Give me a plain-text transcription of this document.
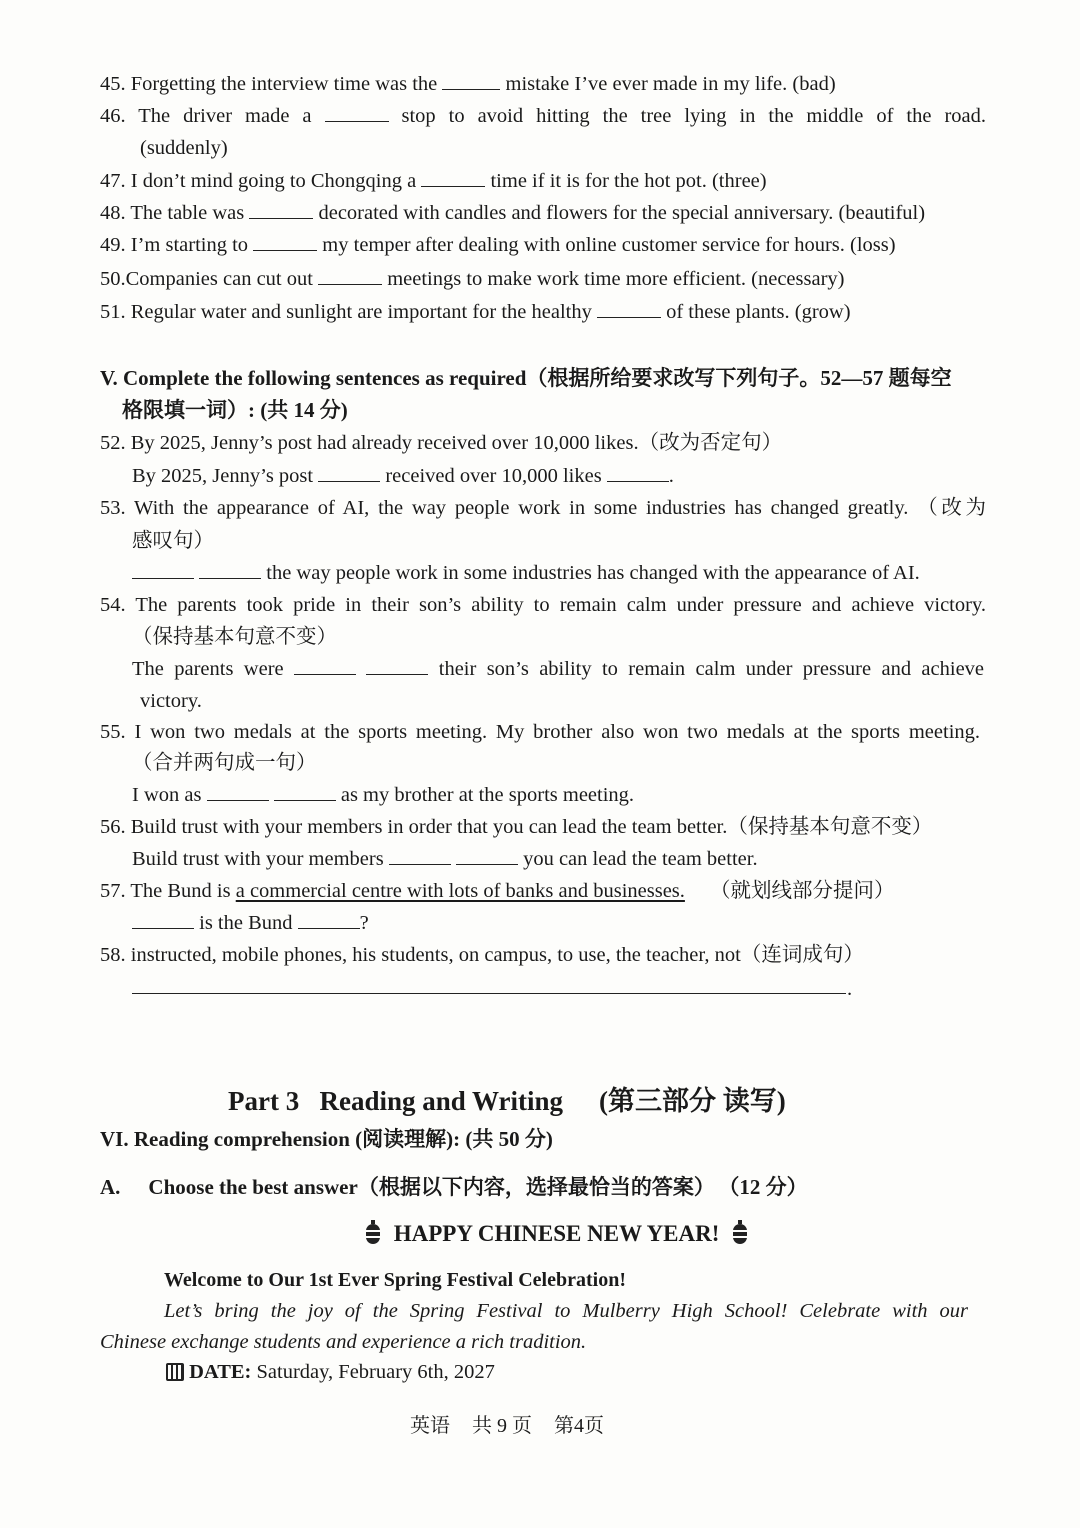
45. Forgetting the interview time was the	mistake I’ve ever made in my life. (bad)
46. The driver made a	stop to avoid hitting the tree lying in the middle of the road.
(suddenly)
47. I don’t mind going to Chongqing a	time if it is for the hot pot. (three)
48. The table was	decorated with candles and flowers for the special anniversary. (beautiful)
49. I’m starting to	my temper after dealing with online customer service for hours. (loss)
50.Companies can cut out	meetings to make work time more efficient. (necessary)
51. Regular water and sunlight are important for the healthy	of these plants. (grow)
V. Complete the following sentences as required（根据所给要求改写下列句子。52—57 题每空
格限填一词）: (共 14 分)
52. By 2025, Jenny’s post had already received over 10,000 likes.（改为否定句）
By 2025, Jenny’s post	received over 10,000 likes	.
53. With the appearance of AI, the way people work in some industries has changed greatly. （改为
感叹句）
the way people work in some industries has changed with the appearance of AI.
54. The parents took pride in their son’s ability to remain calm under pressure and achieve victory.
（保持基本句意不变）
The parents were	their son’s ability to remain calm under pressure and achieve
victory.
55. I won two medals at the sports meeting. My brother also won two medals at the sports meeting.
（合并两句成一句）
I won as	as my brother at the sports meeting.
56. Build trust with your members in order that you can lead the team better.（保持基本句意不变）
Build trust with your members	you can lead the team better.
57. The Bund is a commercial centre with lots of banks and businesses. （就划线部分提问）
is the Bund	?
58. instructed, mobile phones, his students, on campus, to use, the teacher, not（连词成句）
.
Part 3   Reading and Writing (第三部分 读写)
VI. Reading comprehension (阅读理解): (共 50 分)
A. Choose the best answer（根据以下内容，选择最恰当的答案） （12 分）
HAPPY CHINESE NEW YEAR!
Welcome to Our 1st Ever Spring Festival Celebration!
Let’s bring the joy of the Spring Festival to Mulberry High School! Celebrate with our
Chinese exchange students and experience a rich tradition.
DATE: Saturday, February 6th, 2027
英语 共 9 页 第4页
